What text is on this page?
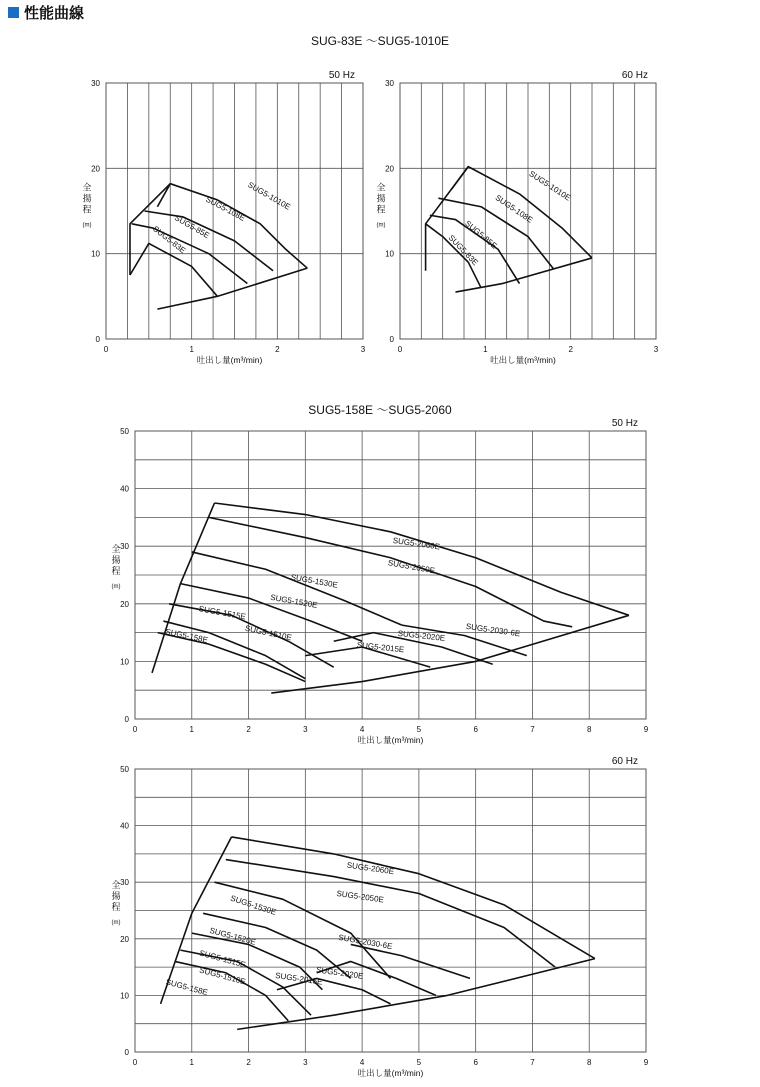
性能曲線
SUG-83E ～SUG5-1010E
SUG5-158E ～SUG5-2060
0	1	2	3
0
10
20
30
50 Hz
吐出し量(m³/min)
全
揚
程
(m)
SUG5-1010E
SUG5-108E
SUG5-85E
SUG5-83E
0	1	2	3
0
10
20
30
60 Hz
吐出し量(m³/min)
全
揚
程
(m)
SUG5-1010E
SUG5-108E
SUG5-85E
SUG5-83E
0	1	2	3	4	5	6	7	8	9
0
10
20
30
40
50
50 Hz
吐出し量(m³/min)
全
揚
程
(m)
SUG5-2060E
SUG5-2050E
SUG5-1530E
SUG5-1520E
SUG5-1515E
SUG5-1510E
SUG5-158E	SUG5-2030-6E
SUG5-2020E
SUG5-2015E
0	1	2	3	4	5	6	7	8	9
0
10
20
30
40
50
60 Hz
吐出し量(m³/min)
全
揚
程
(m)
SUG5-2060E
SUG5-2050E
SUG5-1530E
SUG5-1520E
SUG5-1515E
SUG5-1510E
SUG5-158E
SUG5-2030-6E
SUG5-2020E
SUG5-2015E
